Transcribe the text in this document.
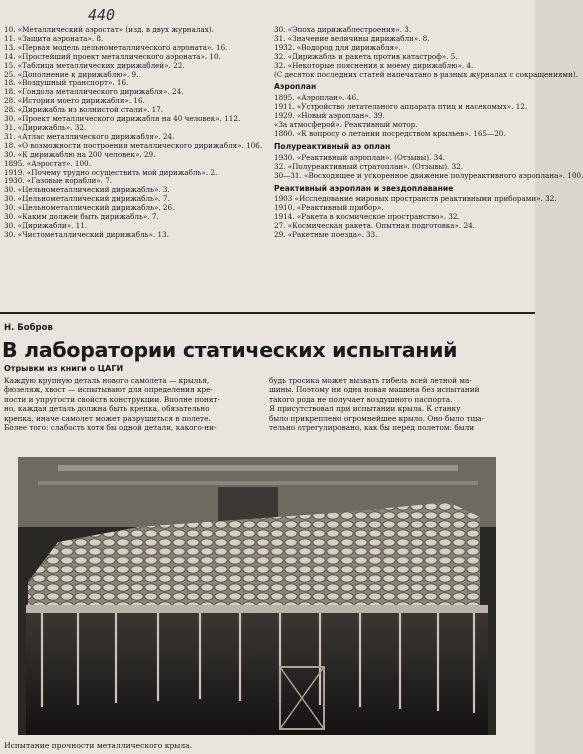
440
10. «Металлический аэростат» (изд. в двух журналах).
11. «Защита аэроната». 8.
13. «Первая модель цельнометаллического аэроната». 16.
14. «Простейший проект металлического аэроната». 10.
15. «Таблица металлических дирижаблей». 22.
25. «Дополнение к дирижаблю». 9.
18. «Воздушный транспорт». 16.
18. «Гондола металлического дирижабля». 24.
28. «История моего дирижабля». 16.
28. «Дирижабль из волнистой стали». 17.
30. «Проект металлического дирижабля на 40 человек». 112.
31. «Дирижабль». 32.
31. «Атлас металлического дирижабля». 24.
18. «О возможности построения металлического дирижабля». 106.
30. «К дирижаблю на 200 человек». 29.
1895. «Аэростат». 100.
1919. «Почему трудно осуществить мой дирижабль». 2.
1930. «Газовые корабли». 7.
30. «Цельнометаллический дирижабль». 3.
30. «Цельнометаллический дирижабль». 7.
30. «Цельнометаллический дирижабль». 26.
30. «Каким должен быть дирижабль». 7.
30. «Дирижабли». 11.
30. «Чистометаллический дирижабль». 13.
30. «Эпоха дирижаблестроения». 3.
31. «Значение величины дирижабля». 8.
1932. «Водород для дирижабля».
32. «Дирижабль и ракета против катастроф». 5.
32. «Некоторые пояснения к моему дирижаблю». 4.
(С десяток последних статей напечатано в разных журналах с сокращениями).
Аэроплан
1895. «Аэроплан». 46.
1911. «Устройство летательного аппарата птиц и насекомых». 12.
1929. «Новый аэроплан». 39.
«За атмосферой». Реактивный мотор.
1800. «К вопросу о летании посредством крыльев». 165—20.
Полуреактивный аэ оплан
1930. «Реактивный аэроплан». (Отзывы). 34.
32. «Полуреактивный стратоплан». (Отзывы). 32.
30—31. «Восходящее и ускоренное движение полуреактивного аэроплана». 100.
Реактивный аэроплан и звездоплавание
1903 «Исследование мировых пространств реактивными приборами». 32.
1910. «Реактивный прибор».
1914. «Ракета в космическое пространство». 32.
27. «Космическая ракета. Опытная подготовка». 24.
29. «Ракетные поезда». 33.
Н. Бобров
В лаборатории статических испытаний
Отрывки из книги о ЦАГИ
Каждую крупную деталь нового самолета — крылья,
фюзеляж, хвост — испытывают для определения кре-
пости и упругости свойств конструкции. Вполне понят-
но, каждая деталь должна быть крепка, обязательно
крепка, иначе самолет может разрушиться в полете.
Более того: слабость хотя бы одной детали, какого-ни-
будь тросика может вызвать гибель всей летной ма-
шины. Поэтому ни одна новая машина без испытаний
такого рода не получает воздушного паспорта.
Я присутствовал при испытании крыла. К станку
было прикреплено огромнейшее крыло. Оно было тща-
тельно отрегулировано, как бы перед полетом: были
Испытание прочности металлического крыла.
